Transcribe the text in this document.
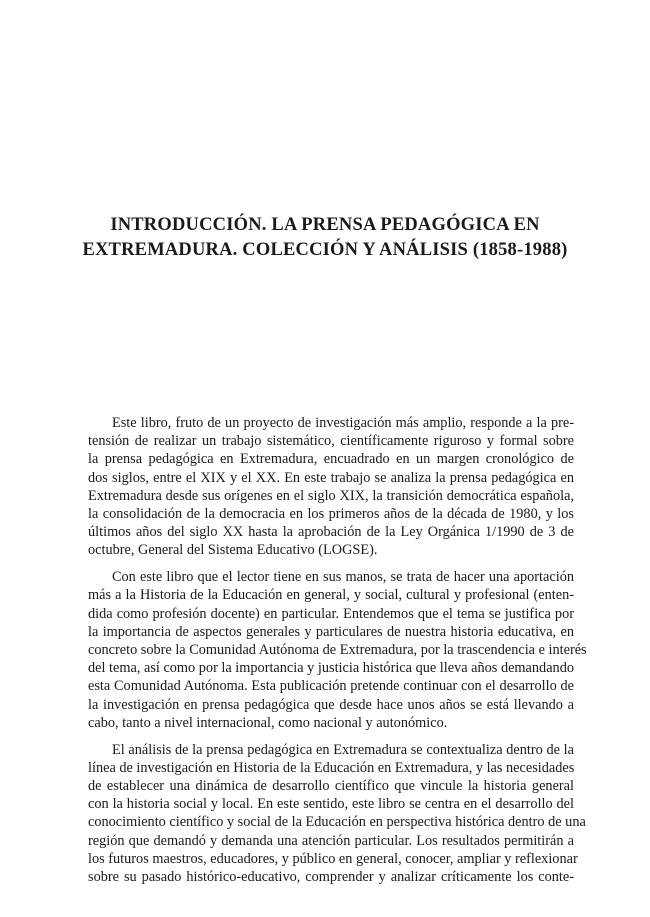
INTRODUCCIÓN. LA PRENSA PEDAGÓGICA EN
EXTREMADURA. COLECCIÓN Y ANÁLISIS (1858-1988)
Este libro, fruto de un proyecto de investigación más amplio, responde a la pre-
tensión de realizar un trabajo sistemático, científicamente riguroso y formal sobre
la prensa pedagógica en Extremadura, encuadrado en un margen cronológico de
dos siglos, entre el XIX y el XX. En este trabajo se analiza la prensa pedagógica en
Extremadura desde sus orígenes en el siglo XIX, la transición democrática española,
la consolidación de la democracia en los primeros años de la década de 1980, y los
últimos años del siglo XX hasta la aprobación de la Ley Orgánica 1/1990 de 3 de
octubre, General del Sistema Educativo (LOGSE).
Con este libro que el lector tiene en sus manos, se trata de hacer una aportación
más a la Historia de la Educación en general, y social, cultural y profesional (enten-
dida como profesión docente) en particular. Entendemos que el tema se justifica por
la importancia de aspectos generales y particulares de nuestra historia educativa, en
concreto sobre la Comunidad Autónoma de Extremadura, por la trascendencia e interés
del tema, así como por la importancia y justicia histórica que lleva años demandando
esta Comunidad Autónoma. Esta publicación pretende continuar con el desarrollo de
la investigación en prensa pedagógica que desde hace unos años se está llevando a
cabo, tanto a nivel internacional, como nacional y autonómico.
El análisis de la prensa pedagógica en Extremadura se contextualiza dentro de la
línea de investigación en Historia de la Educación en Extremadura, y las necesidades
de establecer una dinámica de desarrollo científico que vincule la historia general
con la historia social y local. En este sentido, este libro se centra en el desarrollo del
conocimiento científico y social de la Educación en perspectiva histórica dentro de una
región que demandó y demanda una atención particular. Los resultados permitirán a
los futuros maestros, educadores, y público en general, conocer, ampliar y reflexionar
sobre su pasado histórico-educativo, comprender y analizar críticamente los conte-
